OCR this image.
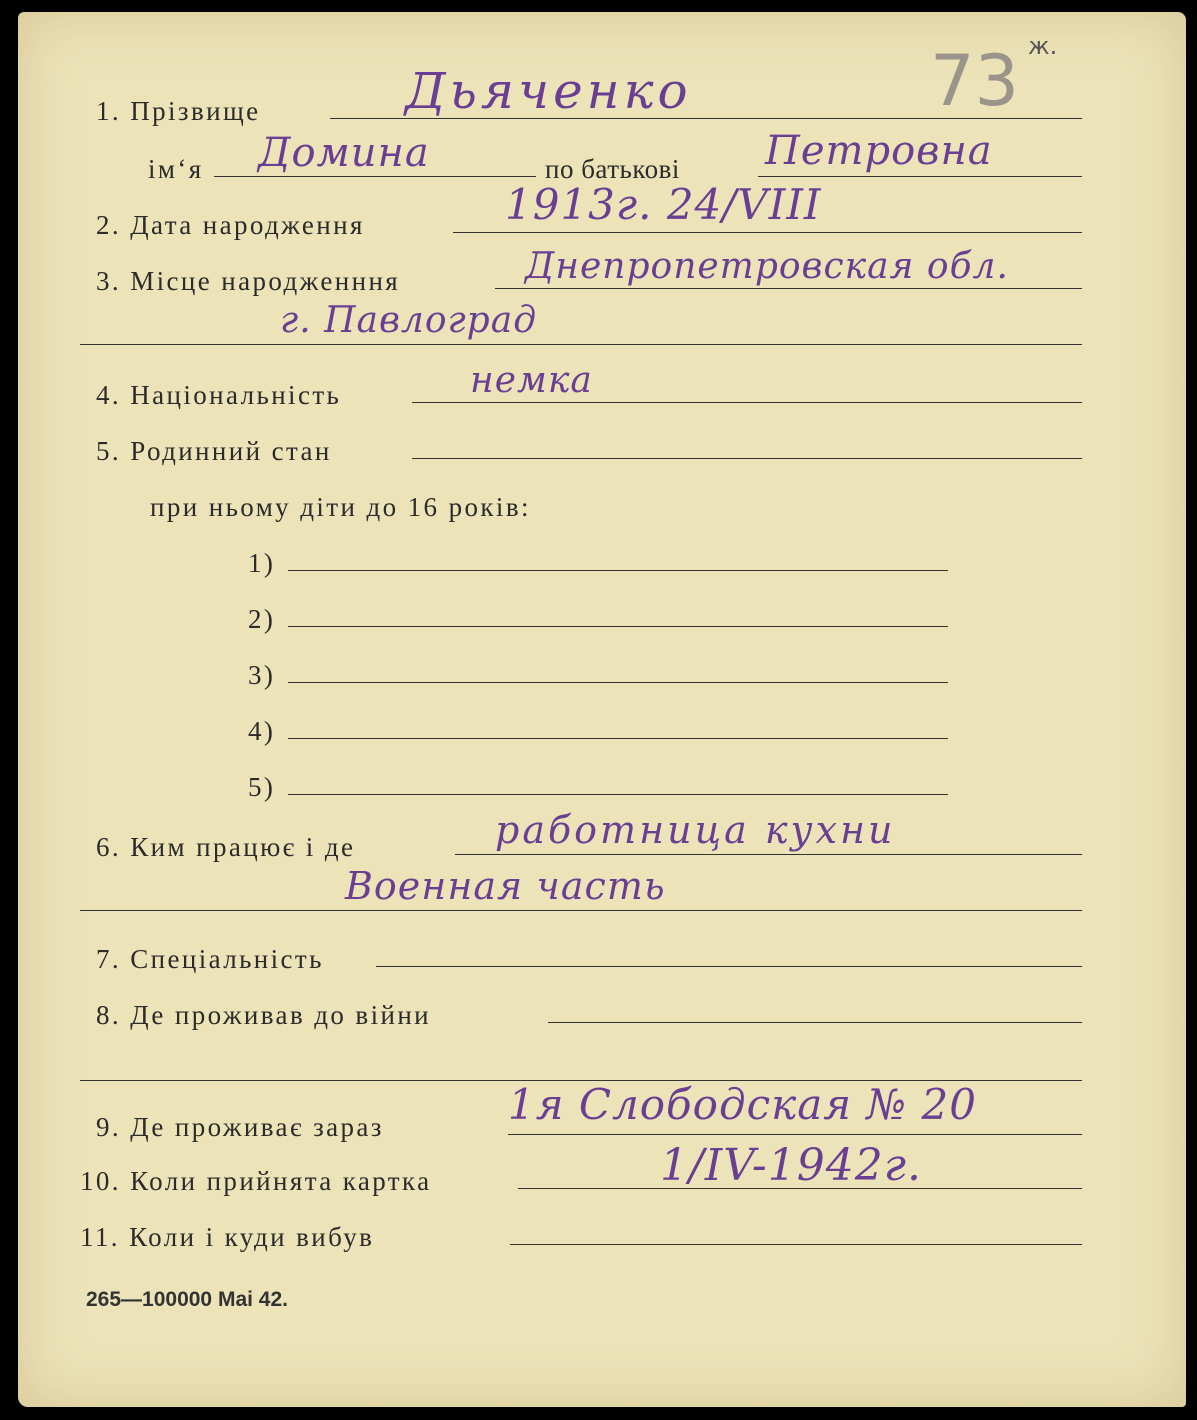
73 ж.
1. Прізвище	Дьяченко
імʻя Домина	по батькові Петровна
2. Дата народження	1913г. 24/VIII
3. Місце народженння	Днепропетровская обл.
г. Павлоград
4. Національність	немка
5. Родинний стан
при ньому діти до 16 років:
1)
2)
3)
4)
5)
6. Ким працює і де	работница кухни
Военная часть
7. Спеціальність
8. Де проживав до війни
9. Де проживає зараз	1я Слободская № 20
10. Коли прийнята картка	1/IV-1942г.
11. Коли і куди вибув
265—100000 Mai 42.
